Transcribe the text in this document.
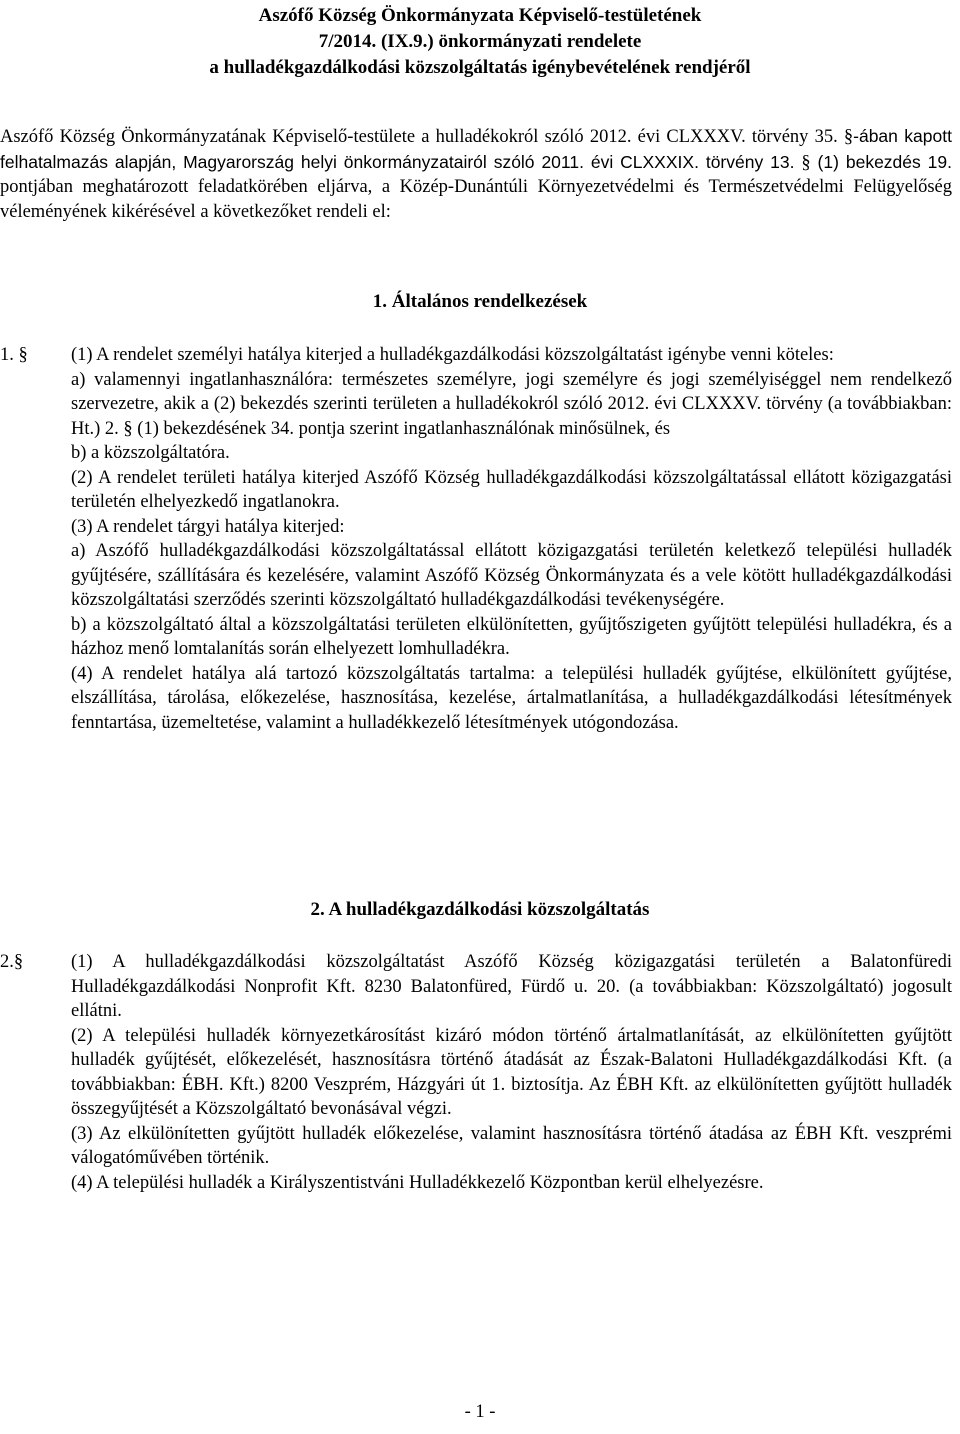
Aszófő Község Önkormányzata Képviselő-testületének
7/2014. (IX.9.) önkormányzati rendelete
a hulladékgazdálkodási közszolgáltatás igénybevételének rendjéről
Aszófő Község Önkormányzatának Képviselő-testülete a hulladékokról szóló 2012. évi CLXXXV. törvény 35. §-ában kapott felhatalmazás alapján, Magyarország helyi önkormányzatairól szóló 2011. évi CLXXXIX. törvény 13. § (1) bekezdés 19. pontjában meghatározott feladatkörében eljárva, a Közép-Dunántúli Környezetvédelmi és Természetvédelmi Felügyelőség véleményének kikérésével a következőket rendeli el:
1. Általános rendelkezések
1. § (1) A rendelet személyi hatálya kiterjed a hulladékgazdálkodási közszolgáltatást igénybe venni köteles:

a) valamennyi ingatlanhasználóra: természetes személyre, jogi személyre és jogi személyiséggel nem rendelkező szervezetre, akik a (2) bekezdés szerinti területen a hulladékokról szóló 2012. évi CLXXXV. törvény (a továbbiakban: Ht.) 2. § (1) bekezdésének 34. pontja szerint ingatlanhasználónak minősülnek, és

b) a közszolgáltatóra.

(2) A rendelet területi hatálya kiterjed Aszófő Község hulladékgazdálkodási közszolgáltatással ellátott közigazgatási területén elhelyezkedő ingatlanokra.

(3) A rendelet tárgyi hatálya kiterjed:

a) Aszófő hulladékgazdálkodási közszolgáltatással ellátott közigazgatási területén keletkező települési hulladék gyűjtésére, szállítására és kezelésére, valamint Aszófő Község Önkormányzata és a vele kötött hulladékgazdálkodási közszolgáltatási szerződés szerinti közszolgáltató hulladékgazdálkodási tevékenységére.

b) a közszolgáltató által a közszolgáltatási területen elkülönítetten, gyűjtőszigeten gyűjtött települési hulladékra, és a házhoz menő lomtalanítás során elhelyezett lomhulladékra.

(4) A rendelet hatálya alá tartozó közszolgáltatás tartalma: a települési hulladék gyűjtése, elkülönített gyűjtése, elszállítása, tárolása, előkezelése, hasznosítása, kezelése, ártalmatlanítása, a hulladékgazdálkodási létesítmények fenntartása, üzemeltetése, valamint a hulladékkezelő létesítmények utógondozása.

2. A hulladékgazdálkodási közszolgáltatás
2.§	(1) A hulladékgazdálkodási közszolgáltatást Aszófő Község közigazgatási területén a Balatonfüredi Hulladékgazdálkodási Nonprofit Kft. 8230 Balatonfüred, Fürdő u. 20. (a továbbiakban: Közszolgáltató) jogosult ellátni.

(2) A települési hulladék környezetkárosítást kizáró módon történő ártalmatlanítását, az elkülönítetten gyűjtött hulladék gyűjtését, előkezelését, hasznosításra történő átadását az Észak-Balatoni Hulladékgazdálkodási Kft. (a továbbiakban: ÉBH. Kft.) 8200 Veszprém, Házgyári út 1. biztosítja. Az ÉBH Kft. az elkülönítetten gyűjtött hulladék összegyűjtését a Közszolgáltató bevonásával végzi.

(3) Az elkülönítetten gyűjtött hulladék előkezelése, valamint hasznosításra történő átadása az ÉBH Kft. veszprémi válogatóművében történik.

(4) A települési hulladék a Királyszentistváni Hulladékkezelő Központban kerül elhelyezésre.

- 1 -
